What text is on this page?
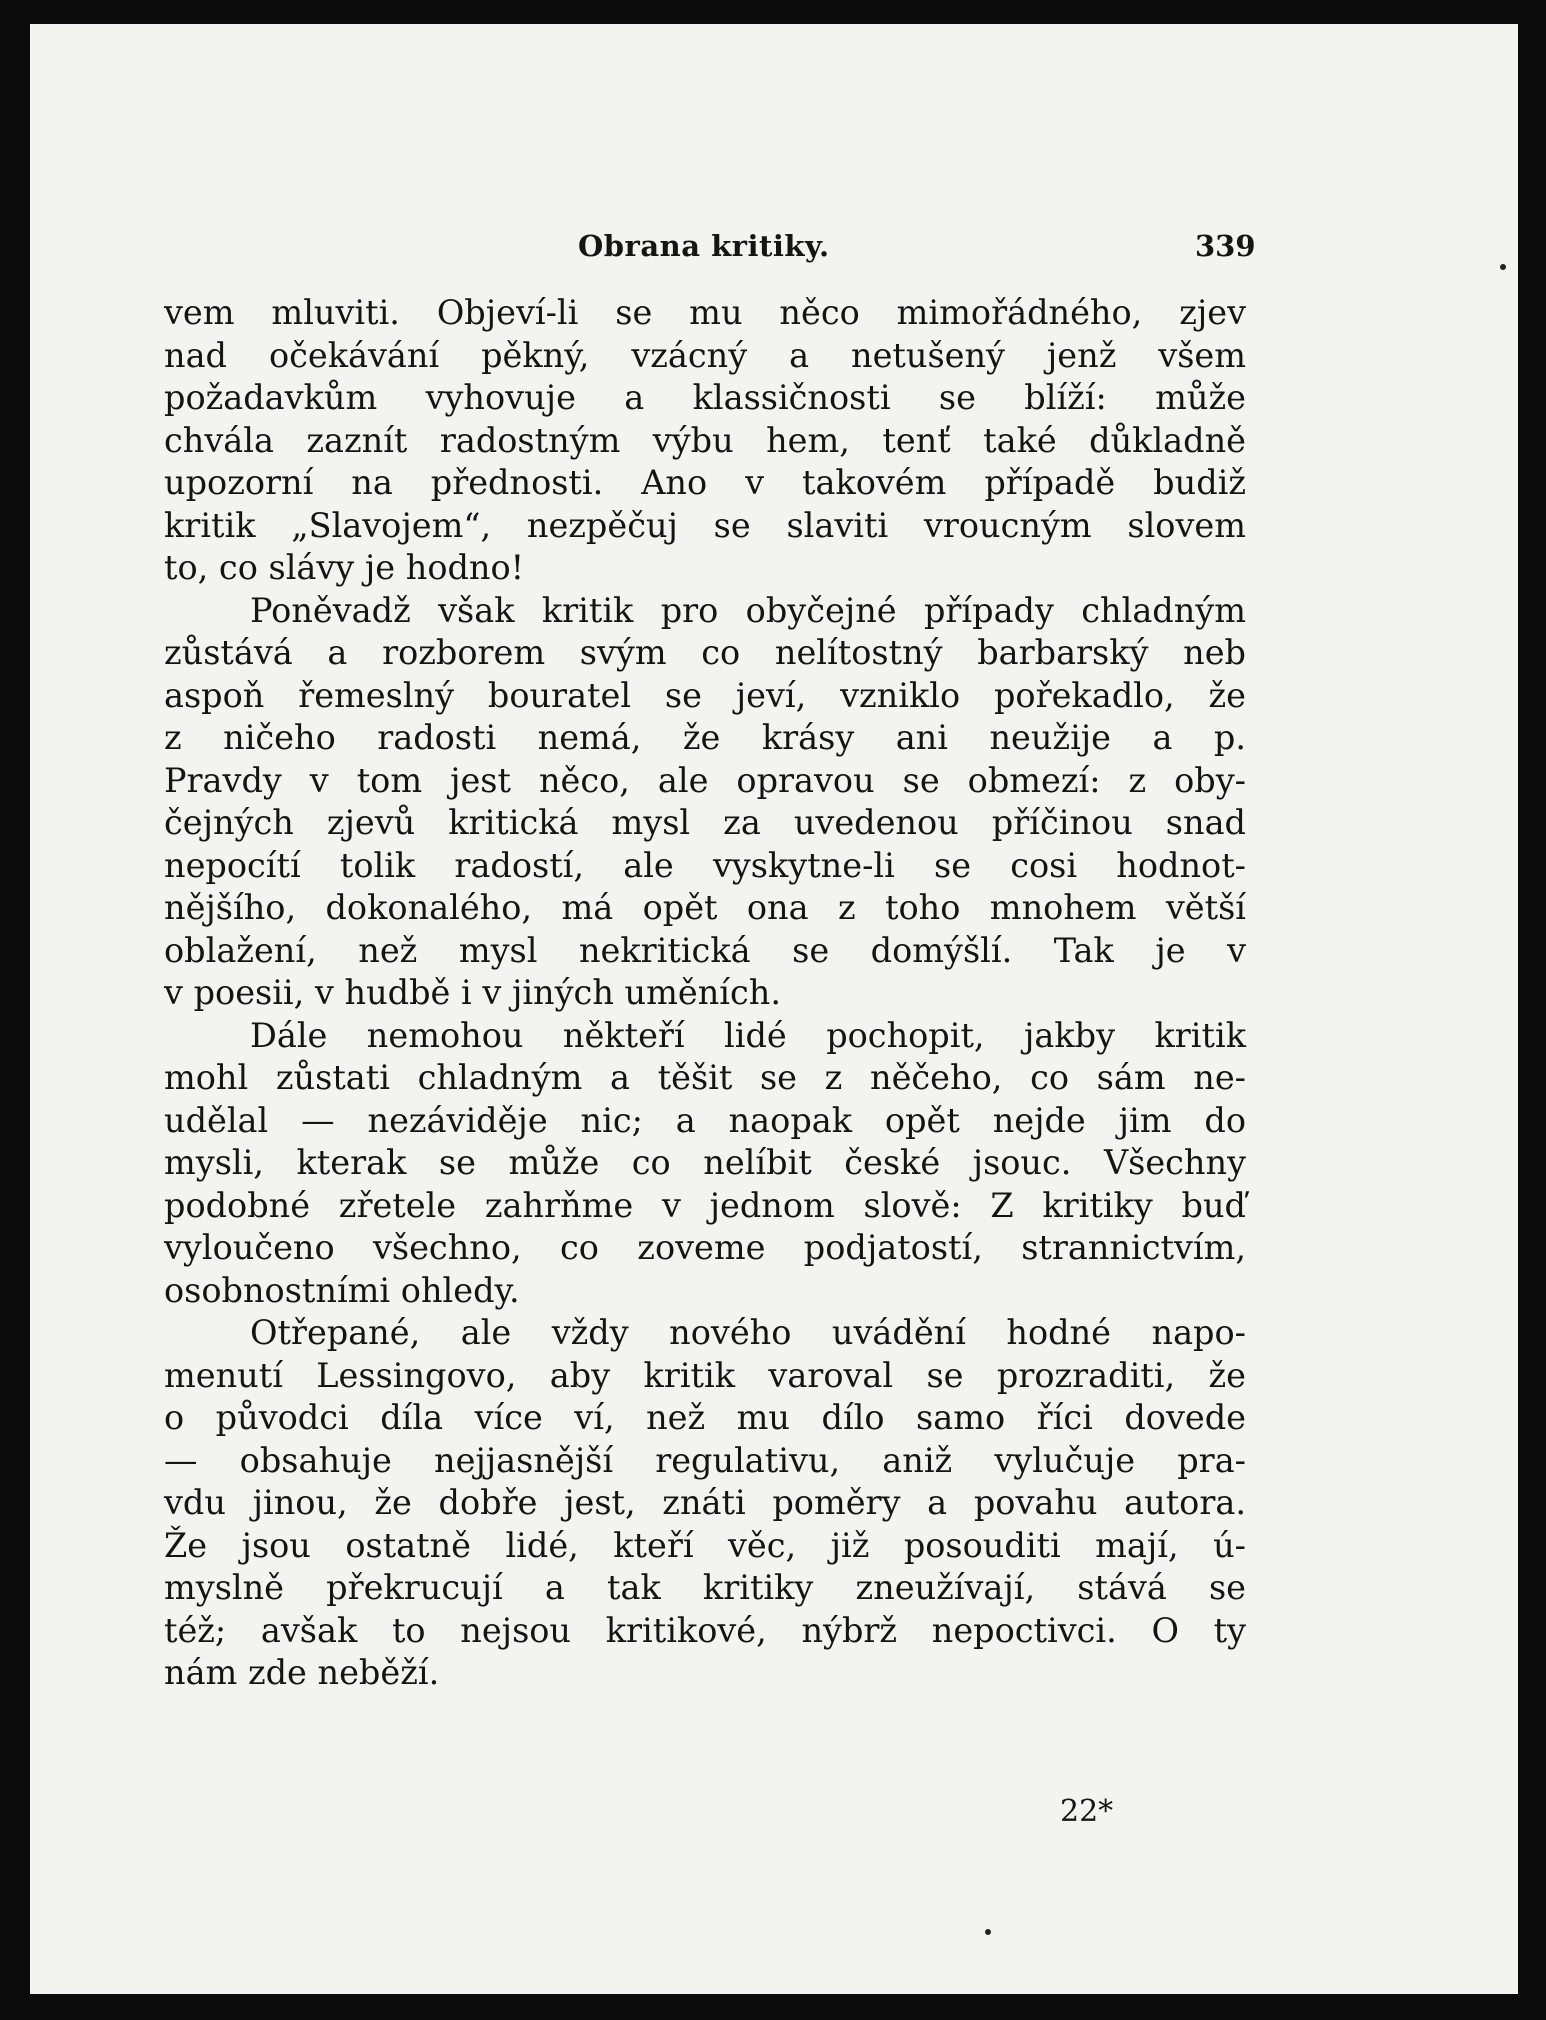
Obrana kritiky.	339

vem mluviti. Objeví-li se mu něco mimořádného, zjev
nad očekávání pěkný, vzácný a netušený jenž všem
požadavkům vyhovuje a klassičnosti se blíží: může
chvála zaznít radostným výbu hem, tenť také důkladně
upozorní na přednosti. Ano v takovém případě budiž
kritik „Slavojem“, nezpěčuj se slaviti vroucným slovem
to, co slávy je hodno!

Poněvadž však kritik pro obyčejné případy chladným
zůstává a rozborem svým co nelítostný barbarský neb
aspoň řemeslný bouratel se jeví, vzniklo pořekadlo, že
z ničeho radosti nemá, že krásy ani neužije a p.
Pravdy v tom jest něco, ale opravou se obmezí: z oby-
čejných zjevů kritická mysl za uvedenou příčinou snad
nepocítí tolik radostí, ale vyskytne-li se cosi hodnot-
nějšího, dokonalého, má opět ona z toho mnohem větší
oblažení, než mysl nekritická se domýšlí. Tak je v
v poesii, v hudbě i v jiných uměních.

Dále nemohou někteří lidé pochopit, jakby kritik
mohl zůstati chladným a těšit se z něčeho, co sám ne-
udělal — nezáviděje nic; a naopak opět nejde jim do
mysli, kterak se může co nelíbit české jsouc. Všechny
podobné zřetele zahrňme v jednom slově: Z kritiky buď
vyloučeno všechno, co zoveme podjatostí, strannictvím,
osobnostními ohledy.

Otřepané, ale vždy nového uvádění hodné napo-
menutí Lessingovo, aby kritik varoval se prozraditi, že
o původci díla více ví, než mu dílo samo říci dovede
— obsahuje nejjasnější regulativu, aniž vylučuje pra-
vdu jinou, že dobře jest, znáti poměry a povahu autora.
Že jsou ostatně lidé, kteří věc, již posouditi mají, ú-
myslně překrucují a tak kritiky zneužívají, stává se
též; avšak to nejsou kritikové, nýbrž nepoctivci. O ty
nám zde neběží.

22*
